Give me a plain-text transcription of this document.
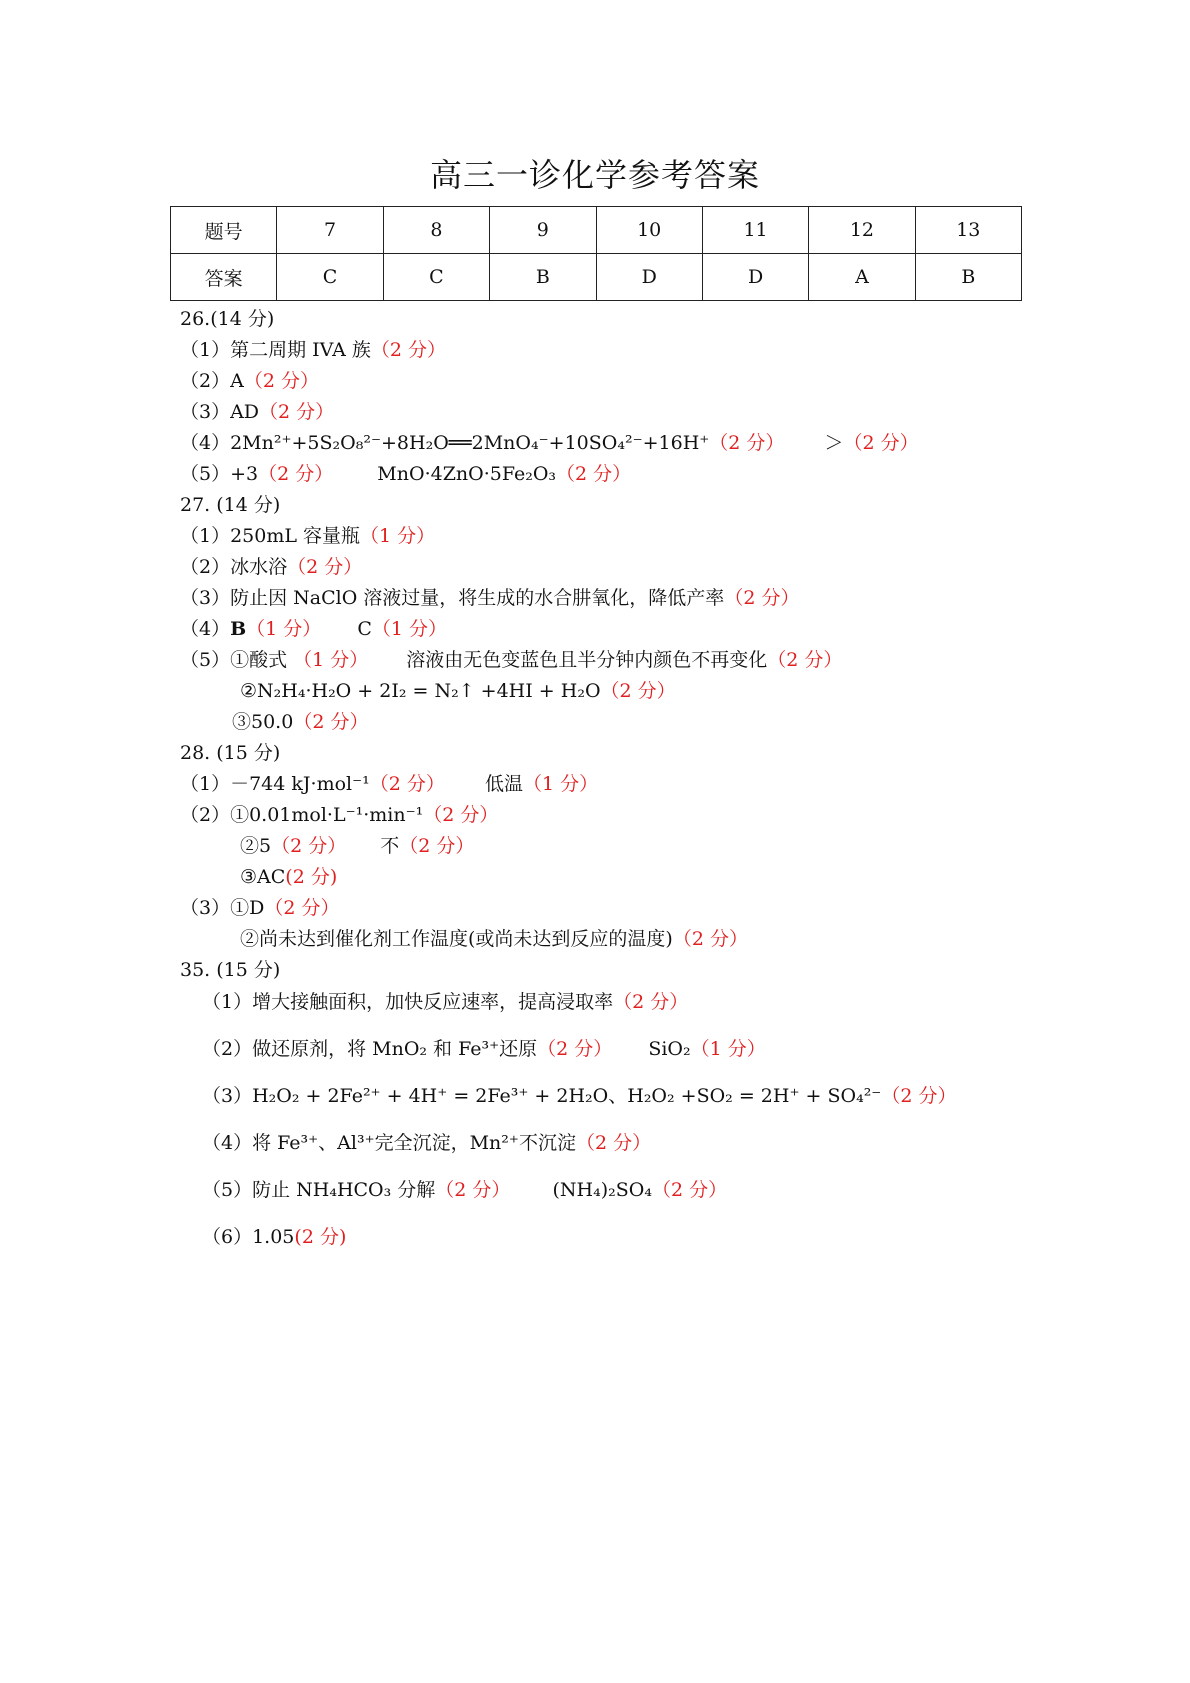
高三一诊化学参考答案
题号	7	8	9	10	11	12	13
答案	C	C	B	D	D	A	B
26.(14 分)
（1）第二周期 IVA 族（2 分）
（2）A（2 分）
（3）AD（2 分）
（4）2Mn²⁺+5S₂O₈²⁻+8H₂O══2MnO₄⁻+10SO₄²⁻+16H⁺（2 分） ＞（2 分）
（5）+3（2 分） MnO·4ZnO·5Fe₂O₃（2 分）
27. (14 分)
（1）250mL 容量瓶（1 分）
（2）冰水浴（2 分）
（3）防止因 NaClO 溶液过量，将生成的水合肼氧化，降低产率（2 分）
（4）B（1 分） C（1 分）
（5）①酸式 （1 分） 溶液由无色变蓝色且半分钟内颜色不再变化（2 分）
②N₂H₄·H₂O + 2I₂ = N₂↑ +4HI + H₂O（2 分）
③50.0（2 分）
28. (15 分)
（1）－744 kJ·mol⁻¹（2 分） 低温（1 分）
（2）①0.01mol·L⁻¹·min⁻¹（2 分）
②5（2 分） 不（2 分）
③AC(2 分)
（3）①D（2 分）
②尚未达到催化剂工作温度(或尚未达到反应的温度)（2 分）
35. (15 分)
（1）增大接触面积，加快反应速率，提高浸取率（2 分）
（2）做还原剂，将 MnO₂ 和 Fe³⁺还原（2 分） SiO₂（1 分）
（3）H₂O₂ + 2Fe²⁺ + 4H⁺ = 2Fe³⁺ + 2H₂O、H₂O₂ +SO₂ = 2H⁺ + SO₄²⁻（2 分）
（4）将 Fe³⁺、Al³⁺完全沉淀，Mn²⁺不沉淀（2 分）
（5）防止 NH₄HCO₃ 分解（2 分） (NH₄)₂SO₄（2 分）
（6）1.05(2 分)
